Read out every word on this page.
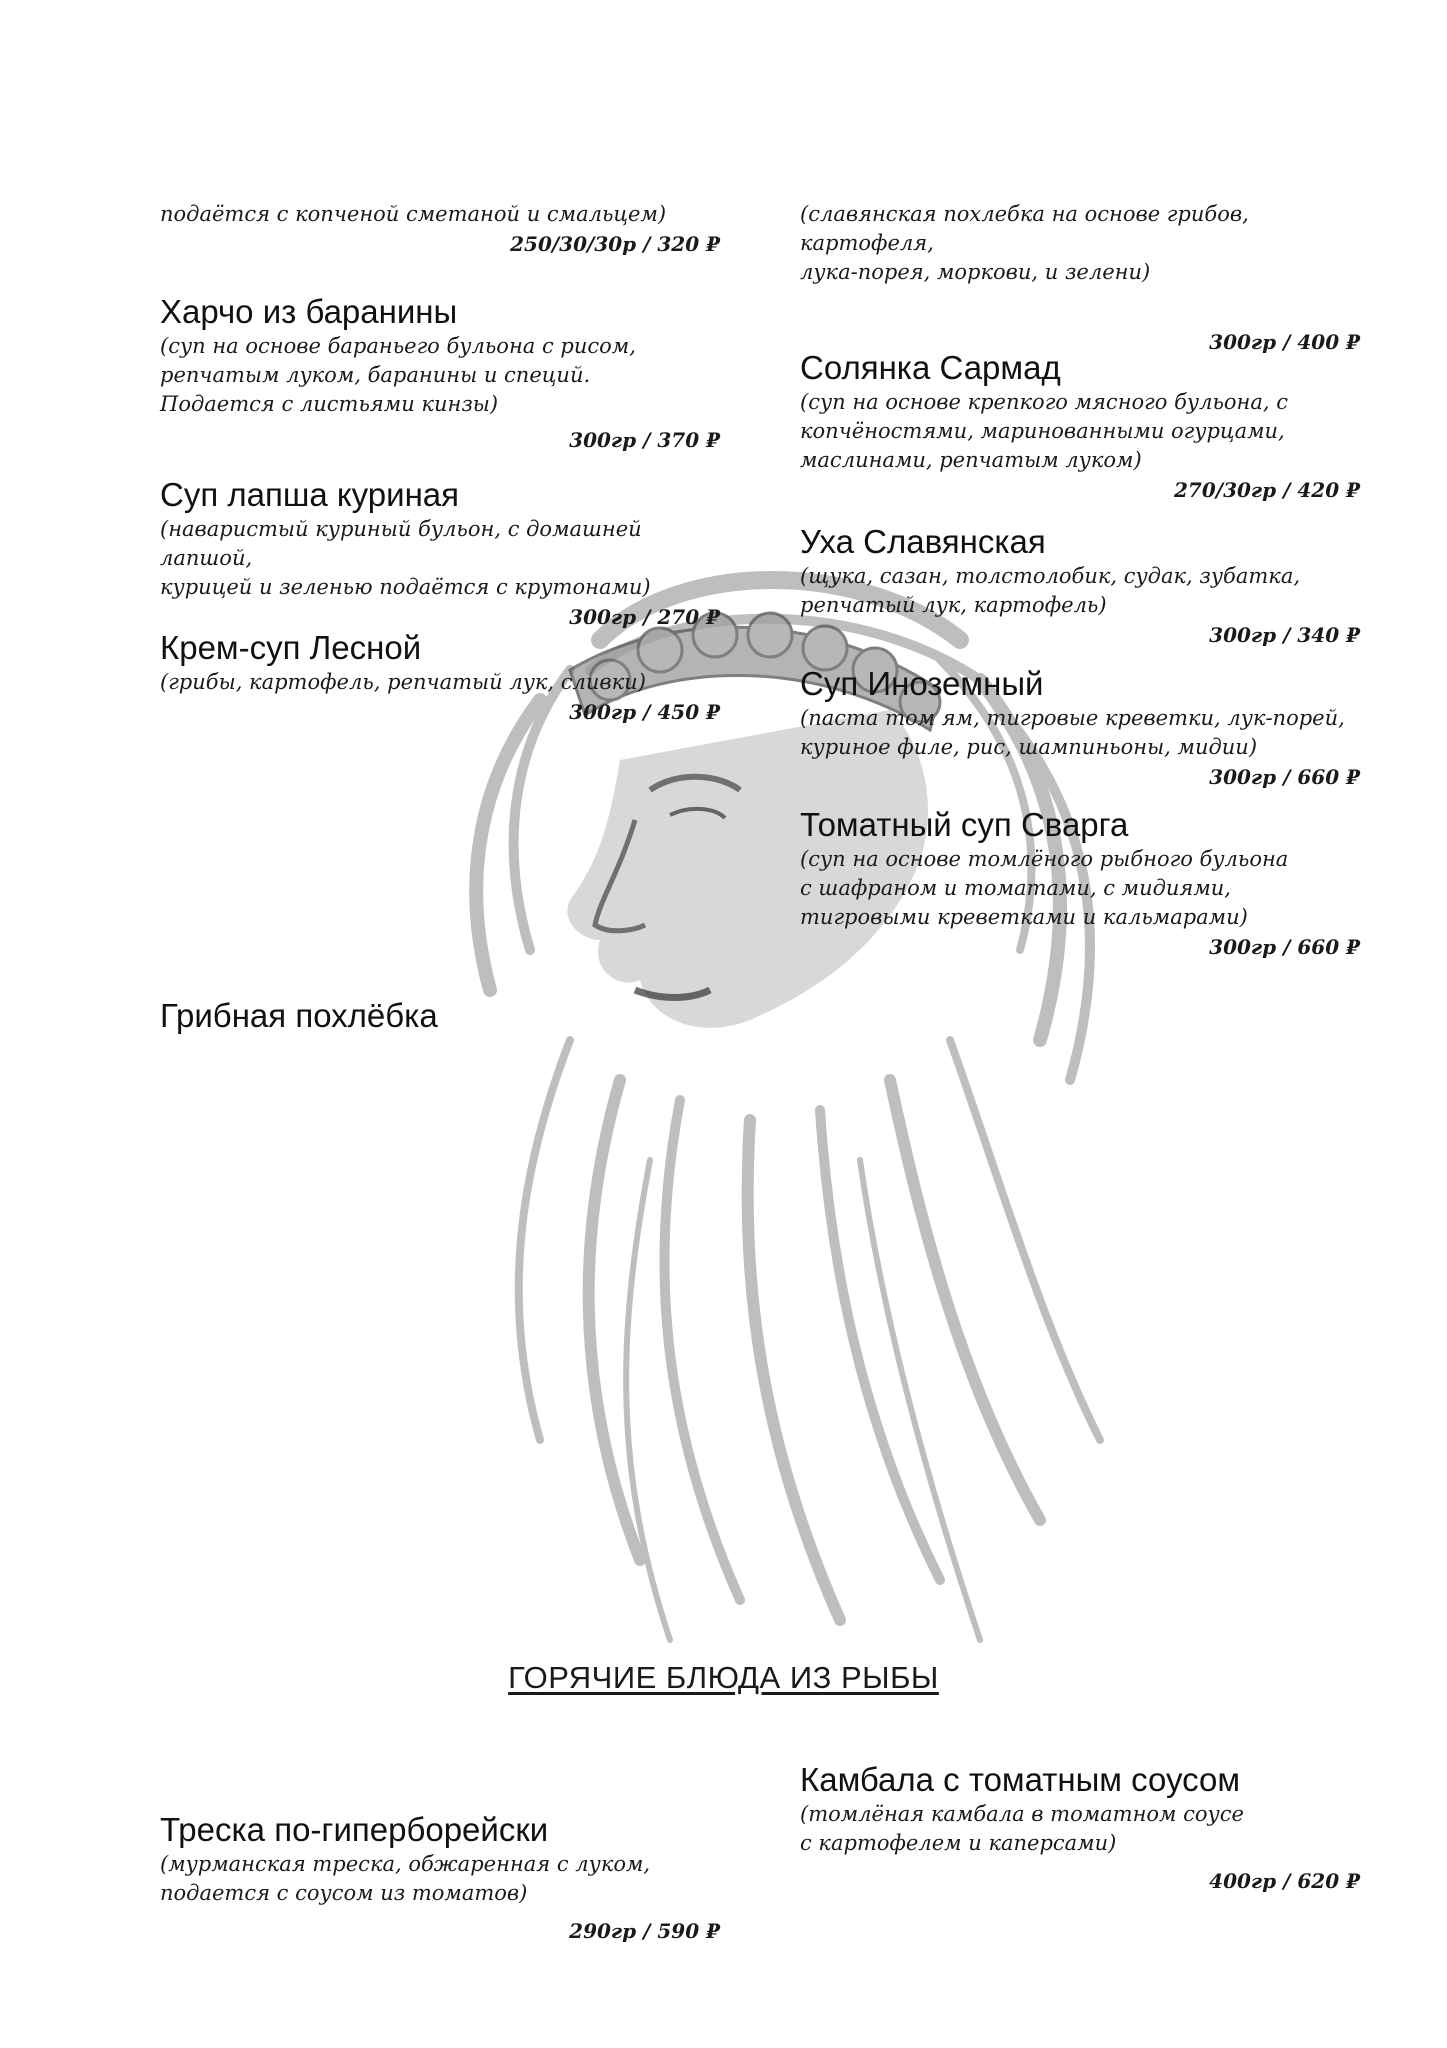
подаётся с копченой сметаной и смальцем)
250/30/30р / 320 ₽
Харчо из баранины
(суп на основе бараньего бульона с рисом,
репчатым луком, баранины и специй.
Подается с листьями кинзы)
300гр / 370 ₽
Суп лапша куриная
(наваристый куриный бульон, с домашней лапшой,
курицей и зеленью подаётся с крутонами)
300гр / 270 ₽
Крем-суп Лесной
(грибы, картофель, репчатый лук, сливки)
300гр / 450 ₽
Грибная похлёбка
(славянская похлебка на основе грибов, картофеля,
лука-порея, моркови, и зелени)
300гр / 400 ₽
Солянка Сармад
(суп на основе крепкого мясного бульона, с
копчёностями, маринованными огурцами,
маслинами, репчатым луком)
270/30гр / 420 ₽
Уха Славянская
(щука, сазан, толстолобик, судак, зубатка,
репчатый лук, картофель)
300гр / 340 ₽
Суп Иноземный
(паста том ям, тигровые креветки, лук-порей,
куриное филе, рис, шампиньоны, мидии)
300гр / 660 ₽
Томатный суп Сварга
(суп на основе томлёного рыбного бульона
с шафраном и томатами, с мидиями,
тигровыми креветками и кальмарами)
300гр / 660 ₽
ГОРЯЧИЕ БЛЮДА ИЗ РЫБЫ
Треска по-гиперборейски
(мурманская треска, обжаренная с луком,
подается с соусом из томатов)
290гр / 590 ₽
Камбала с томатным соусом
(томлёная камбала в томатном соусе
с картофелем и каперсами)
400гр / 620 ₽
